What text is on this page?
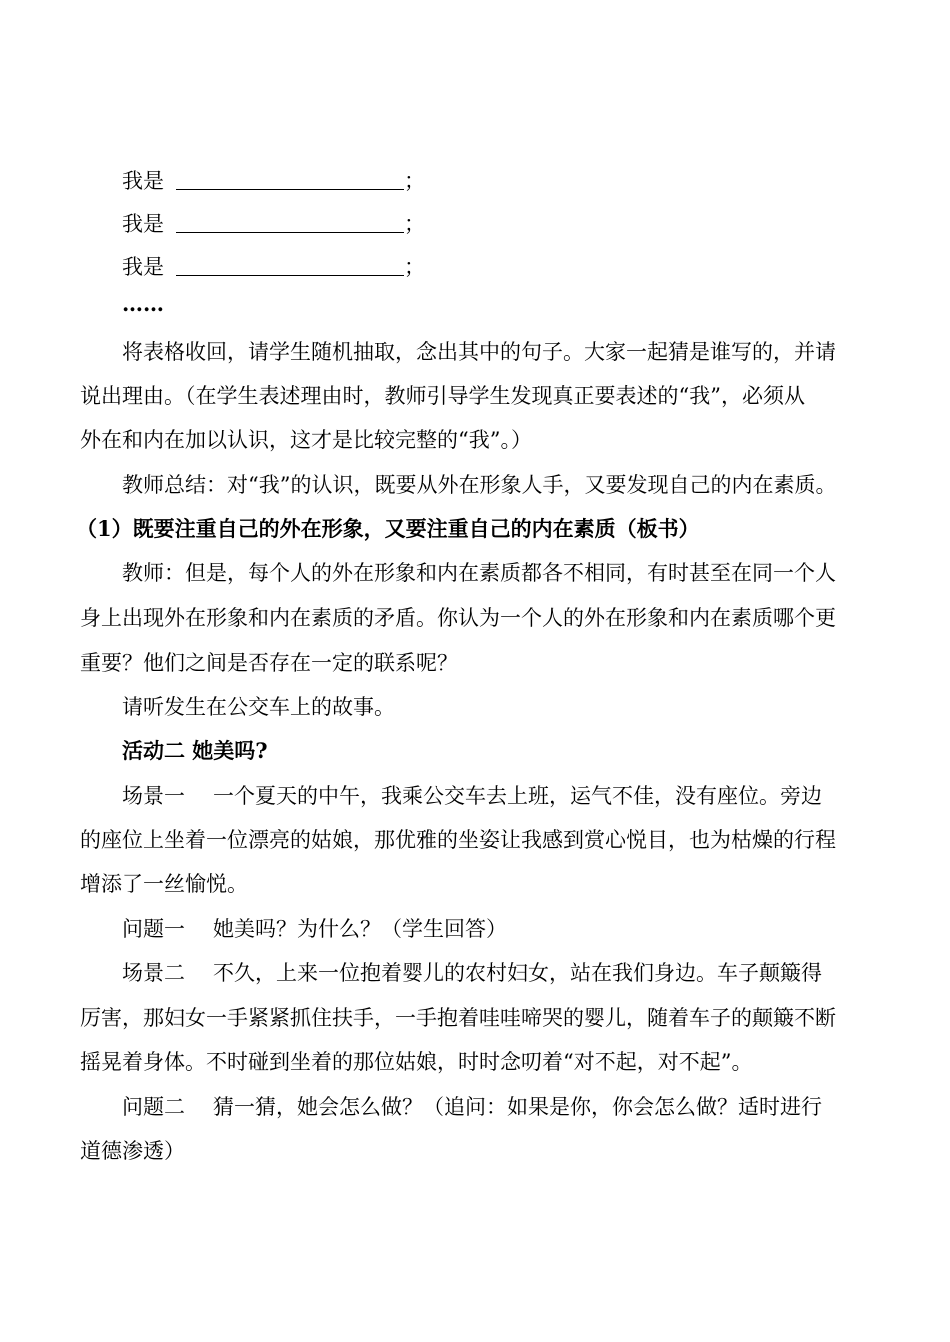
我是	；
我是	；
我是	；
……
将表格收回，请学生随机抽取，念出其中的句子。大家一起猜是谁写的，并请
说出理由。（在学生表述理由时，教师引导学生发现真正要表述的“我”，必须从
外在和内在加以认识，这才是比较完整的“我”。）
教师总结：对“我”的认识，既要从外在形象人手，又要发现自己的内在素质。
（1）既要注重自己的外在形象，又要注重自己的内在素质（板书）
教师：但是，每个人的外在形象和内在素质都各不相同，有时甚至在同一个人
身上出现外在形象和内在素质的矛盾。你认为一个人的外在形象和内在素质哪个更
重要？他们之间是否存在一定的联系呢？
请听发生在公交车上的故事。
活动二 她美吗?
场景一 一个夏天的中午，我乘公交车去上班，运气不佳，没有座位。旁边
的座位上坐着一位漂亮的姑娘，那优雅的坐姿让我感到赏心悦目，也为枯燥的行程
增添了一丝愉悦。
问题一 她美吗？为什么？（学生回答）
场景二 不久，上来一位抱着婴儿的农村妇女，站在我们身边。车子颠簸得
厉害，那妇女一手紧紧抓住扶手，一手抱着哇哇啼哭的婴儿，随着车子的颠簸不断
摇晃着身体。不时碰到坐着的那位姑娘，时时念叨着“对不起，对不起”。
问题二 猜一猜，她会怎么做？（追问：如果是你，你会怎么做？适时进行
道德渗透）
